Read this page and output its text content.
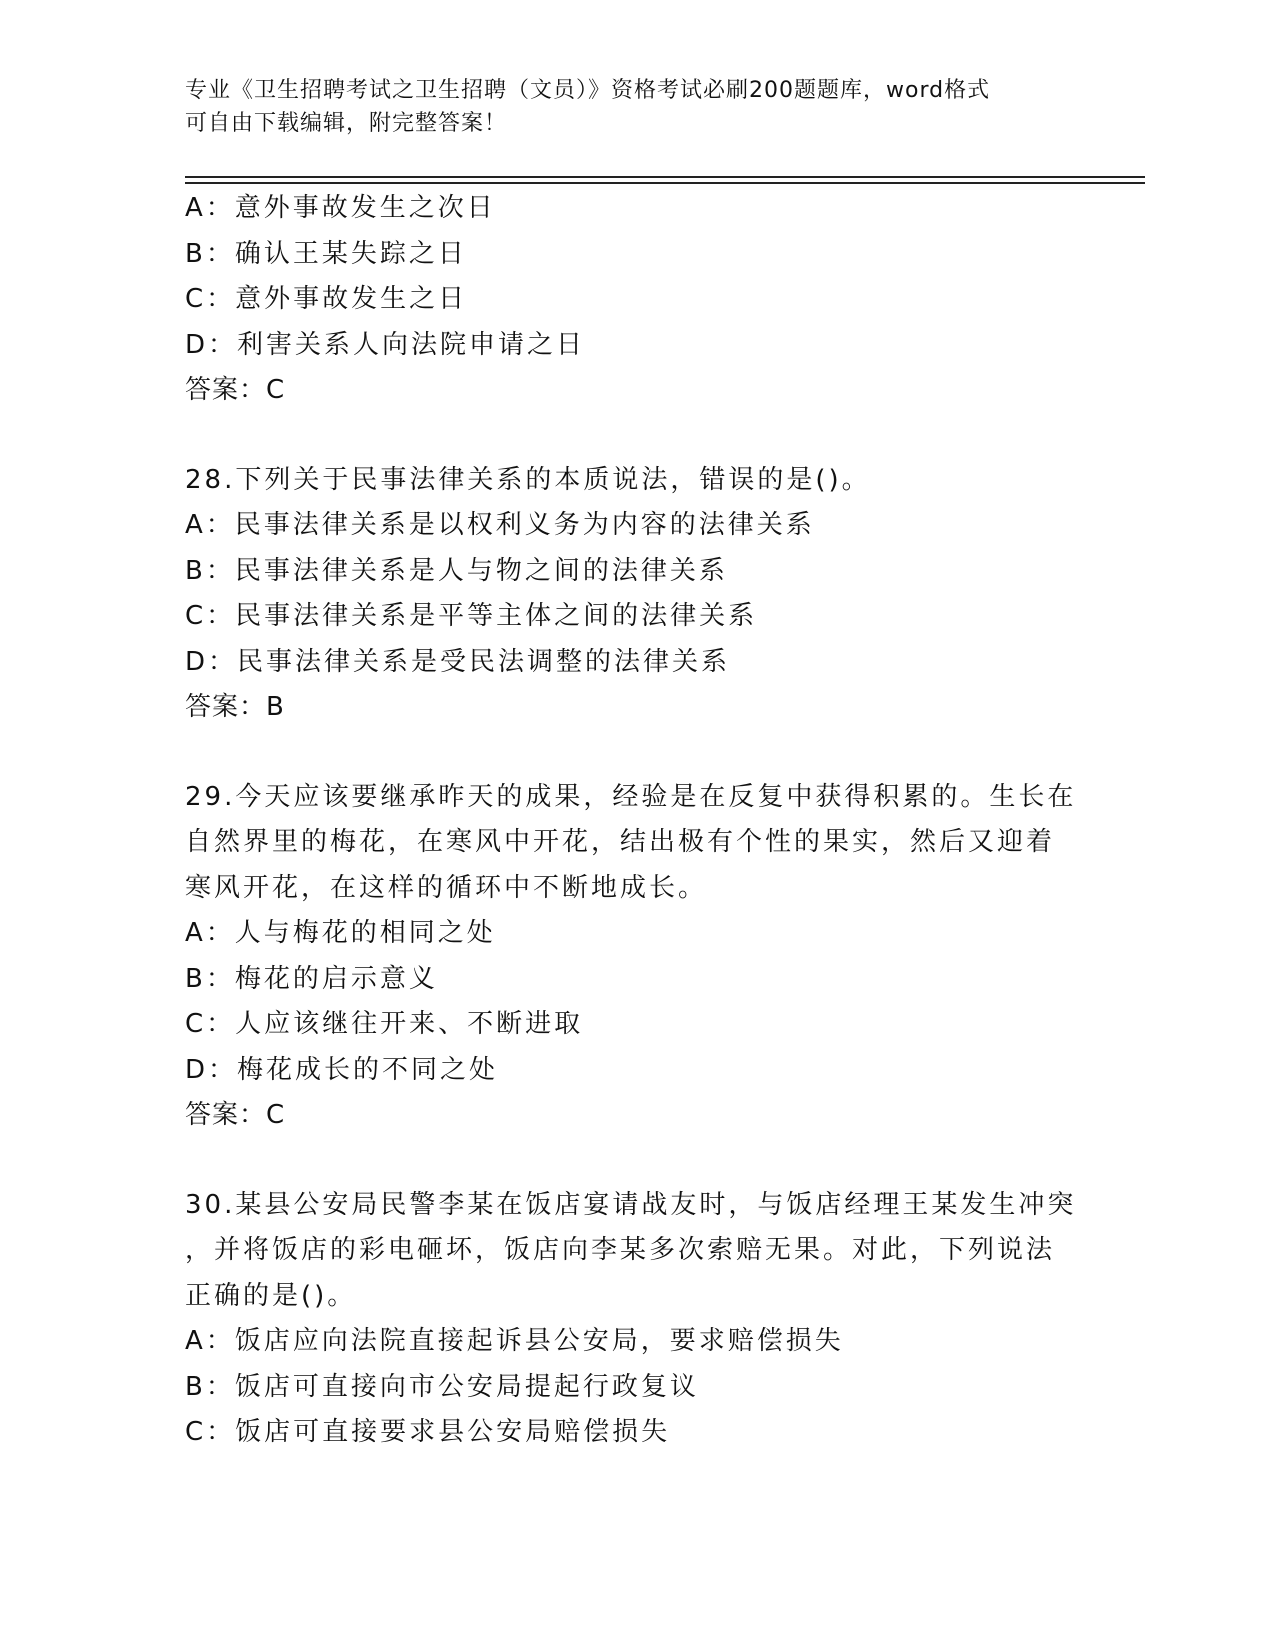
专业《卫生招聘考试之卫生招聘（文员）》资格考试必刷200题题库，word格式
可自由下载编辑，附完整答案！
A：意外事故发生之次日
B：确认王某失踪之日
C：意外事故发生之日
D：利害关系人向法院申请之日
答案：C
28.下列关于民事法律关系的本质说法，错误的是()。
A：民事法律关系是以权利义务为内容的法律关系
B：民事法律关系是人与物之间的法律关系
C：民事法律关系是平等主体之间的法律关系
D：民事法律关系是受民法调整的法律关系
答案：B
29.今天应该要继承昨天的成果，经验是在反复中获得积累的。生长在
自然界里的梅花，在寒风中开花，结出极有个性的果实，然后又迎着
寒风开花，在这样的循环中不断地成长。
A：人与梅花的相同之处
B：梅花的启示意义
C：人应该继往开来、不断进取
D：梅花成长的不同之处
答案：C
30.某县公安局民警李某在饭店宴请战友时，与饭店经理王某发生冲突
，并将饭店的彩电砸坏，饭店向李某多次索赔无果。对此，下列说法
正确的是()。
A：饭店应向法院直接起诉县公安局，要求赔偿损失
B：饭店可直接向市公安局提起行政复议
C：饭店可直接要求县公安局赔偿损失
